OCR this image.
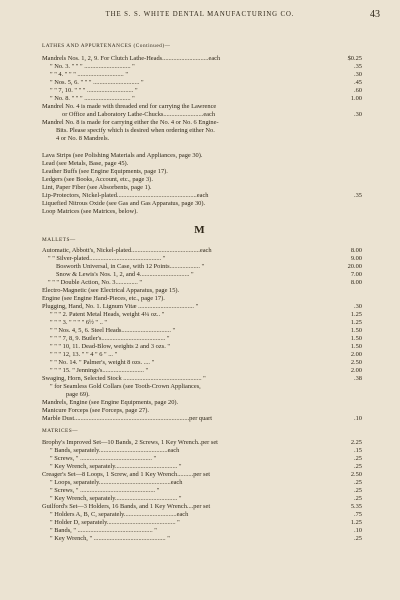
THE S. S. WHITE DENTAL MANUFACTURING CO.	43
LATHES AND APPURTENANCES (Continued)—
M
MALLETS—
MATRICES—
Mandrels Nos. 1, 2, 9. For Clutch Lathe-Heads.............................each	$0.25
" No. 3. " " " ............................. "	.35
" " 4. " " " ............................. "	.30
" Nos. 5, 6. " " " ............................. "	.45
" " 7, 10. " " " ............................. "	.60
" No. 8. " " " ............................. "	1.00
Mandrel No. 4 is made with threaded end for carrying the Lawrence
or Office and Laboratory Lathe-Chucks.........................each	.30
Mandrel No. 8 is made for carrying either the No. 4 or No. 6 Engine-
Bits. Please specify which is desired when ordering either No.
4 or No. 8 Mandrels.
Lava Strips (see Polishing Materials and Appliances, page 30).
Lead (see Metals, Base, page 45).
Leather Buffs (see Engine Equipments, page 17).
Ledgers (see Books, Account, etc., page 3).
Lint, Paper Fiber (see Absorbents, page 1).
Lip-Protectors, Nickel-plated..................................................each	.35
Liquefied Nitrous Oxide (see Gas and Gas Apparatus, page 30).
Loop Matrices (see Matrices, below).
Automatic, Abbott's, Nickel-plated...........................................each	8.00
" " Silver-plated............................................. "	9.00
Bosworth Universal, in Case, with 12 Points................... "	20.00
Snow & Lewis's Nos. 1, 2, and 4............................... "	7.00
" " " Double Action, No. 3.............. "	8.00
Electro-Magnetic (see Electrical Apparatus, page 15).
Engine (see Engine Hand-Pieces, etc., page 17).
Plugging, Hand, No. 1. Lignum Vitæ ................................... "	.30
" " " 2. Patent Metal Heads, weight 4¼ oz.. "	1.25
" " " 3. " " " " 6½ " .. "	1.25
" " Nos. 4, 5, 6. Steel Heads............................... "	1.50
" " " 7, 8, 9. Butler's........................................ "	1.50
" " " 10, 11. Dead-Blow, weights 2 and 3 ozs. "	1.50
" " " 12, 13. " " 4 " 6 " ... "	2.00
" " No. 14. " Palmer's, weight 8 ozs. .... "	2.50
" " " 15. " Jennings's.......................... "	2.00
Swaging, Horn, Selected Stock ................................................. "	.38
" for Seamless Gold Collars (see Tooth-Crown Appliances,
page 69).
Mandrels, Engine (see Engine Equipments, page 20).
Manicure Forceps (see Forceps, page 27).
Marble Dust........................................................................per quart	.10
Brophy's Improved Set—10 Bands, 2 Screws, 1 Key Wrench..per set	2.25
" Bands, separately...........................................each	.15
" Screws, " ............................................. "	.25
" Key Wrench, separately....................................... "	.25
Creager's Set—8 Loops, 1 Screw, and 1 Key Wrench..........per set	2.50
" Loops, separately.............................................each	.25
" Screws, " ............................................... "	.25
" Key Wrench, separately....................................... "	.25
Guilford's Set—3 Holders, 16 Bands, and 1 Key Wrench....per set	5.35
" Holders A, B, C, separately.................................each	.75
" Holder D, separately........................................... "	1.25
" Bands, " ............................................... "	.10
" Key Wrench, " ............................................. "	.25
